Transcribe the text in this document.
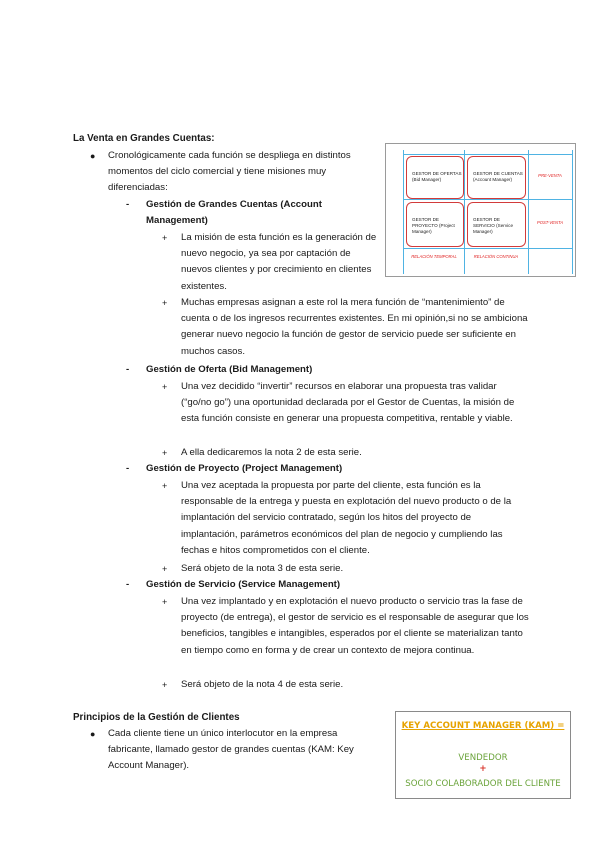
La Venta en Grandes Cuentas:
● Cronológicamente cada función se despliega en distintos momentos del ciclo comercial y tiene misiones muy diferenciadas:
- Gestión de Grandes Cuentas (Account Management)
+ La misión de esta función es la generación de nuevo negocio, ya sea por captación de nuevos clientes y por crecimiento en clientes existentes.
+ Muchas empresas asignan a este rol la mera función de “mantenimiento” de cuenta o de los ingresos recurrentes existentes. En mi opinión,si no se ambiciona generar nuevo negocio la función de gestor de servicio puede ser suficiente en muchos casos.
- Gestión de Oferta (Bid Management)
+ Una vez decidido “invertir” recursos en elaborar una propuesta tras validar (“go/no go”) una oportunidad declarada por el Gestor de Cuentas, la misión de esta función consiste en generar una propuesta competitiva, rentable y viable.
+ A ella dedicaremos la nota 2 de esta serie.
- Gestión de Proyecto (Project Management)
+ Una vez aceptada la propuesta por parte del cliente, esta función es la responsable de la entrega y puesta en explotación del nuevo producto o de la implantación del servicio contratado, según los hitos del proyecto de implantación, parámetros económicos del plan de negocio y cumpliendo las fechas e hitos comprometidos con el cliente.
+ Será objeto de la nota 3 de esta serie.
- Gestión de Servicio (Service Management)
+ Una vez implantado y en explotación el nuevo producto o servicio tras la fase de proyecto (de entrega), el gestor de servicio es el responsable de asegurar que los beneficios, tangibles e intangibles, esperados por el cliente se materializan tanto en tiempo como en forma y de crear un contexto de mejora continua.
+ Será objeto de la nota 4 de esta serie.
Principios de la Gestión de Clientes
● Cada cliente tiene un único interlocutor en la empresa fabricante, llamado gestor de grandes cuentas (KAM: Key Account Manager).
GESTOR DE OFERTAS (Bid Manager)
GESTOR DE CUENTAS (Account Manager)
GESTOR DE PROYECTO (Project Manager)
GESTOR DE SERVICIO (Service Manager)
PRE-VENTA
POST-VENTA
RELACIÓN TEMPORAL	RELACIÓN CONTINUA
KEY ACCOUNT MANAGER (KAM) =
VENDEDOR
+
SOCIO COLABORADOR DEL CLIENTE
